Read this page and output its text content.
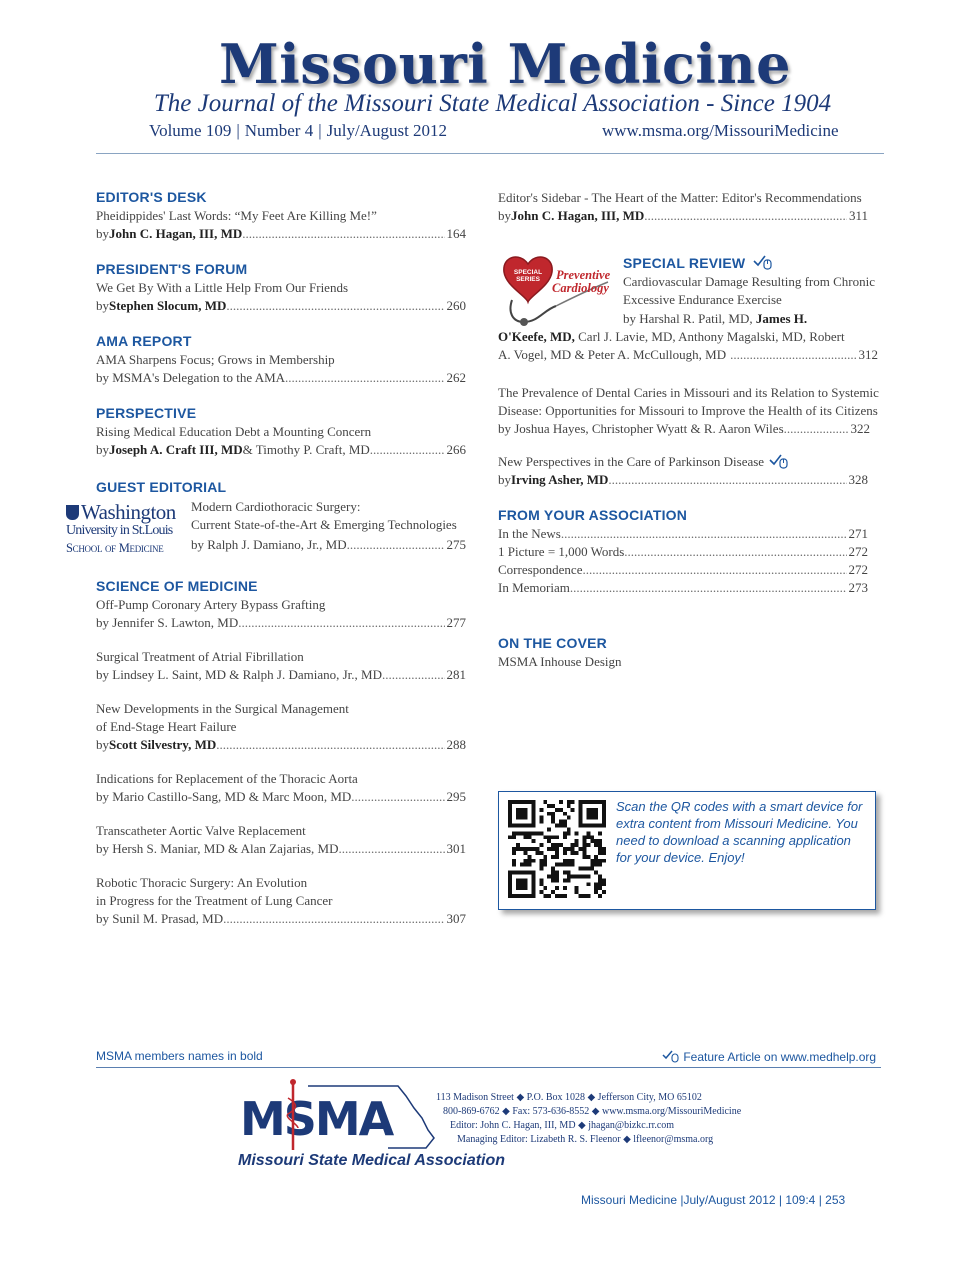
Missouri Medicine
The Journal of the Missouri State Medical Association - Since 1904
Volume 109 | Number 4 | July/August 2012	www.msma.org/MissouriMedicine
EDITOR'S DESK
Pheidippides' Last Words: “My Feet Are Killing Me!”
by John C. Hagan, III, MD .....	164
PRESIDENT'S FORUM
We Get By With a Little Help From Our Friends
by Stephen Slocum, MD .....	260
AMA REPORT
AMA Sharpens Focus; Grows in Membership
by MSMA's Delegation to the AMA .....	262
PERSPECTIVE
Rising Medical Education Debt a Mounting Concern
by Joseph A. Craft III, MD & Timothy P. Craft, MD .....	266
GUEST EDITORIAL
Washington
University in St.Louis
School of Medicine
Modern Cardiothoracic Surgery:
Current State-of-the-Art & Emerging Technologies
by Ralph J. Damiano, Jr., MD .....	275
SCIENCE OF MEDICINE
Off-Pump Coronary Artery Bypass Grafting
by Jennifer S. Lawton, MD .....	277
Surgical Treatment of Atrial Fibrillation
by Lindsey L. Saint, MD & Ralph J. Damiano, Jr., MD .....	281
New Developments in the Surgical Management
of End-Stage Heart Failure
by Scott Silvestry, MD .....	288
Indications for Replacement of the Thoracic Aorta
by Mario Castillo-Sang, MD & Marc Moon, MD .....	295
Transcatheter Aortic Valve Replacement
by Hersh S. Maniar, MD & Alan Zajarias, MD .....	301
Robotic Thoracic Surgery: An Evolution
in Progress for the Treatment of Lung Cancer
by Sunil M. Prasad, MD .....	307
Editor's Sidebar - The Heart of the Matter: Editor's Recommendations
by John C. Hagan, III, MD .....	311
SPECIAL SERIES	Preventive
Cardiology
SPECIAL REVIEW
Cardiovascular Damage Resulting from Chronic
Excessive Endurance Exercise
by Harshal R. Patil, MD, James H.
O'Keefe, MD, Carl J. Lavie, MD, Anthony Magalski, MD, Robert
A. Vogel, MD & Peter A. McCullough, MD .....	312
The Prevalence of Dental Caries in Missouri and its Relation to Systemic
Disease: Opportunities for Missouri to Improve the Health of its Citizens
by Joshua Hayes, Christopher Wyatt & R. Aaron Wiles .....	322
New Perspectives in the Care of Parkinson Disease
by Irving Asher, MD .....	328
FROM YOUR ASSOCIATION
In the News .....	271
1 Picture = 1,000 Words .....	272
Correspondence .....	272
In Memoriam .....	273
ON THE COVER
MSMA Inhouse Design
Scan the QR codes with a smart device for extra content from Missouri Medicine. You need to download a scanning application for your device. Enjoy!
MSMA members names in bold	Feature Article on www.medhelp.org
MSMA
Missouri State Medical Association
113 Madison Street ◆ P.O. Box 1028 ◆ Jefferson City, MO 65102
800-869-6762 ◆ Fax: 573-636-8552 ◆ www.msma.org/MissouriMedicine
Editor: John C. Hagan, III, MD ◆ jhagan@bizkc.rr.com
Managing Editor: Lizabeth R. S. Fleenor ◆ lfleenor@msma.org
Missouri Medicine |July/August 2012 | 109:4 | 253
